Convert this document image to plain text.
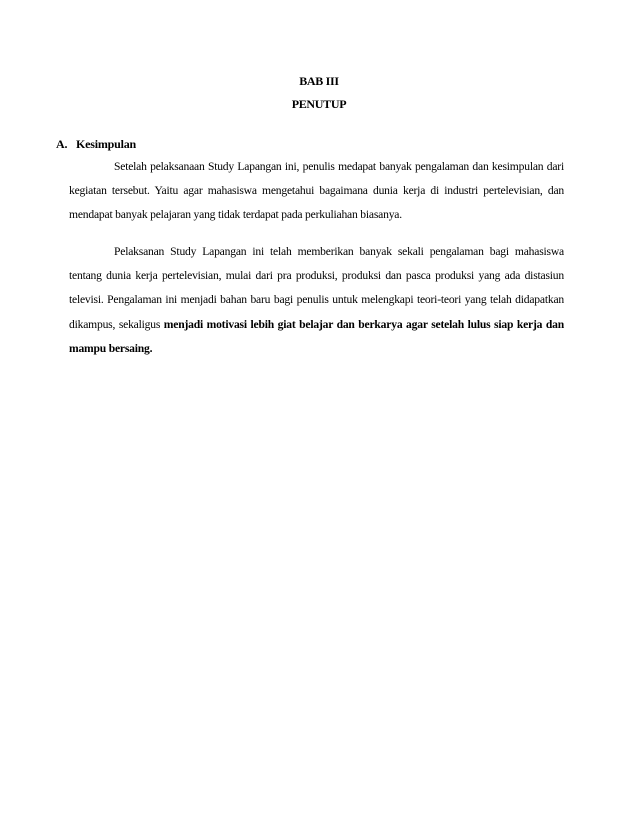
BAB III
PENUTUP
A. Kesimpulan

Setelah pelaksanaan Study Lapangan ini, penulis medapat banyak pengalaman dan kesimpulan dari kegiatan tersebut. Yaitu agar mahasiswa mengetahui bagaimana dunia kerja di industri pertelevisian, dan mendapat banyak pelajaran yang tidak terdapat pada perkuliahan biasanya.

Pelaksanan Study Lapangan ini telah memberikan banyak sekali pengalaman bagi mahasiswa tentang dunia kerja pertelevisian, mulai dari pra produksi, produksi dan pasca produksi yang ada distasiun televisi. Pengalaman ini menjadi bahan baru bagi penulis untuk melengkapi teori-teori yang telah didapatkan dikampus, sekaligus menjadi motivasi lebih giat belajar dan berkarya agar setelah lulus siap kerja dan mampu bersaing.
